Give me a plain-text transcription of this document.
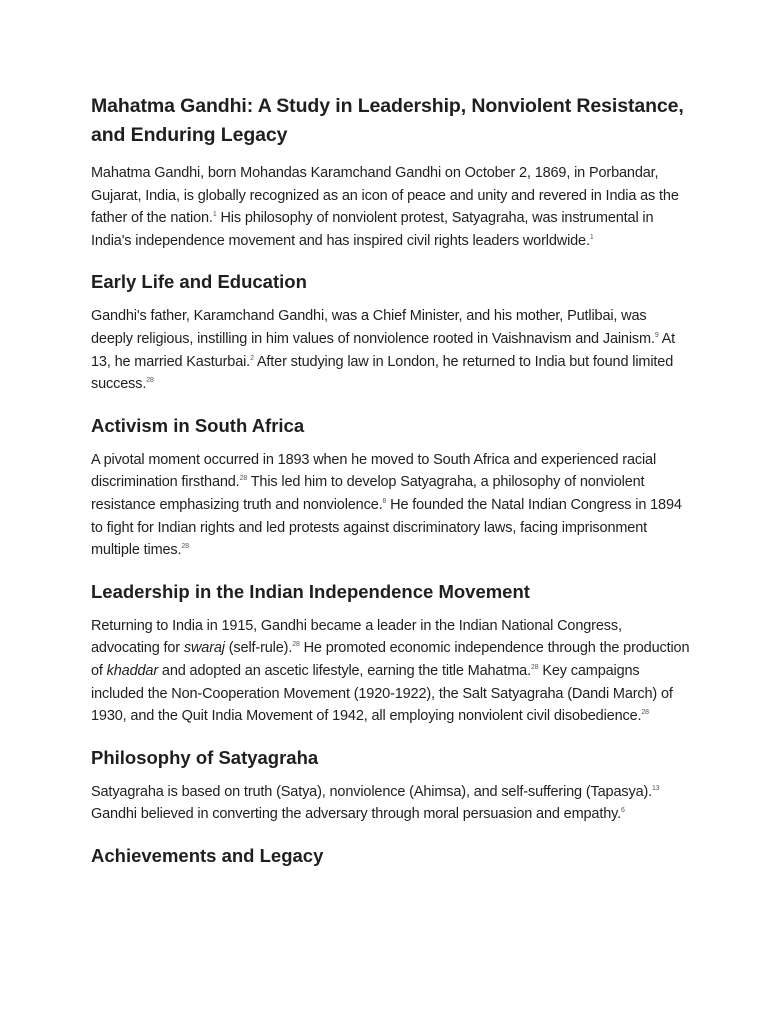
Mahatma Gandhi: A Study in Leadership, Nonviolent Resistance, and Enduring Legacy

Mahatma Gandhi, born Mohandas Karamchand Gandhi on October 2, 1869, in Porbandar, Gujarat, India, is globally recognized as an icon of peace and unity and revered in India as the father of the nation.$^1$ His philosophy of nonviolent protest, Satyagraha, was instrumental in India's independence movement and has inspired civil rights leaders worldwide.$^1$

Early Life and Education

Gandhi's father, Karamchand Gandhi, was a Chief Minister, and his mother, Putlibai, was deeply religious, instilling in him values of nonviolence rooted in Vaishnavism and Jainism.$^9$ At 13, he married Kasturbai.$^2$ After studying law in London, he returned to India but found limited success.$^{28}$

Activism in South Africa

A pivotal moment occurred in 1893 when he moved to South Africa and experienced racial discrimination firsthand.$^{28}$ This led him to develop Satyagraha, a philosophy of nonviolent resistance emphasizing truth and nonviolence.$^8$ He founded the Natal Indian Congress in 1894 to fight for Indian rights and led protests against discriminatory laws, facing imprisonment multiple times.$^{28}$

Leadership in the Indian Independence Movement

Returning to India in 1915, Gandhi became a leader in the Indian National Congress, advocating for swaraj (self-rule).$^{28}$ He promoted economic independence through the production of khaddar and adopted an ascetic lifestyle, earning the title Mahatma.$^{28}$ Key campaigns included the Non-Cooperation Movement (1920-1922), the Salt Satyagraha (Dandi March) of 1930, and the Quit India Movement of 1942, all employing nonviolent civil disobedience.$^{28}$

Philosophy of Satyagraha

Satyagraha is based on truth (Satya), nonviolence (Ahimsa), and self-suffering (Tapasya).$^{13}$ Gandhi believed in converting the adversary through moral persuasion and empathy.$^6$

Achievements and Legacy
